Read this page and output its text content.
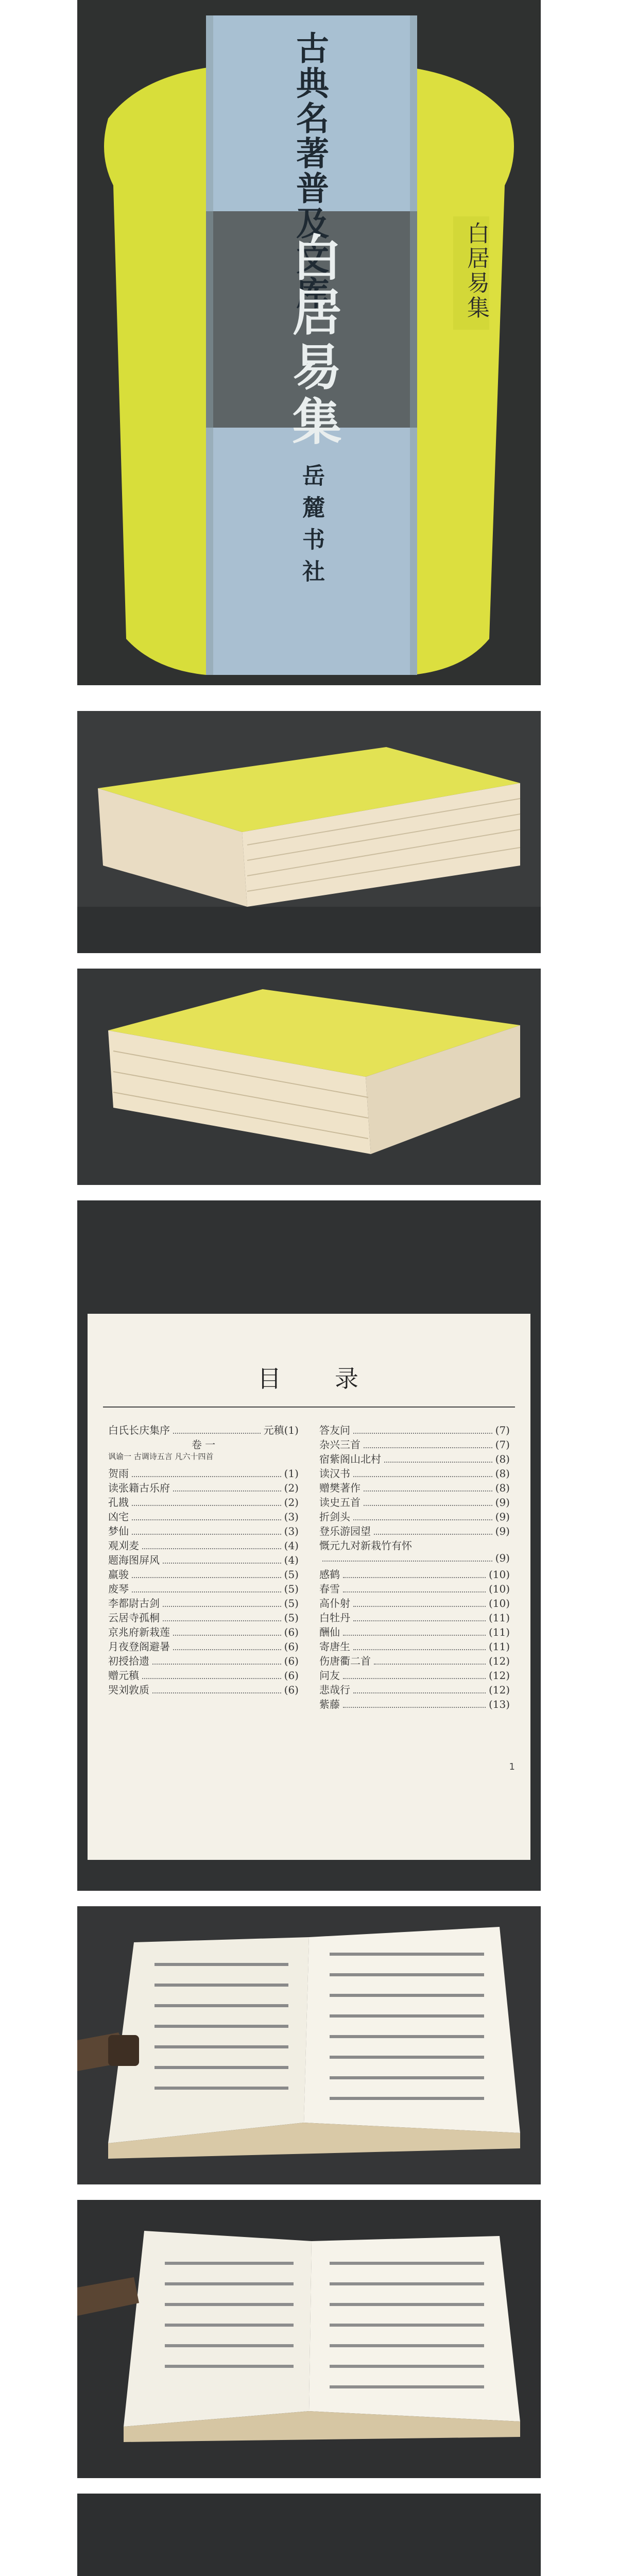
古典名著普及文库
白居易集
岳麓书社
白居易集
目 录
白氏长庆集序	元稹(1)
卷 一
讽谕一 古调诗五言 凡六十四首
贺雨	(1)
读张籍古乐府	(2)
孔戡	(2)
凶宅	(3)
梦仙	(3)
观刈麦	(4)
题海图屏风	(4)
羸骏	(5)
废琴	(5)
李都尉古剑	(5)
云居寺孤桐	(5)
京兆府新栽莲	(6)
月夜登阁避暑	(6)
初授拾遗	(6)
赠元稹	(6)
哭刘敦质	(6)
答友问	(7)
杂兴三首	(7)
宿紫阁山北村	(8)
读汉书	(8)
赠樊著作	(8)
读史五首	(9)
折剑头	(9)
登乐游园望	(9)
慨元九对新栽竹有怀
(9)
感鹤	(10)
春雪	(10)
高仆射	(10)
白牡丹	(11)
酬仙	(11)
寄唐生	(11)
伤唐衢二首	(12)
问友	(12)
悲哉行	(12)
紫藤	(13)
1
